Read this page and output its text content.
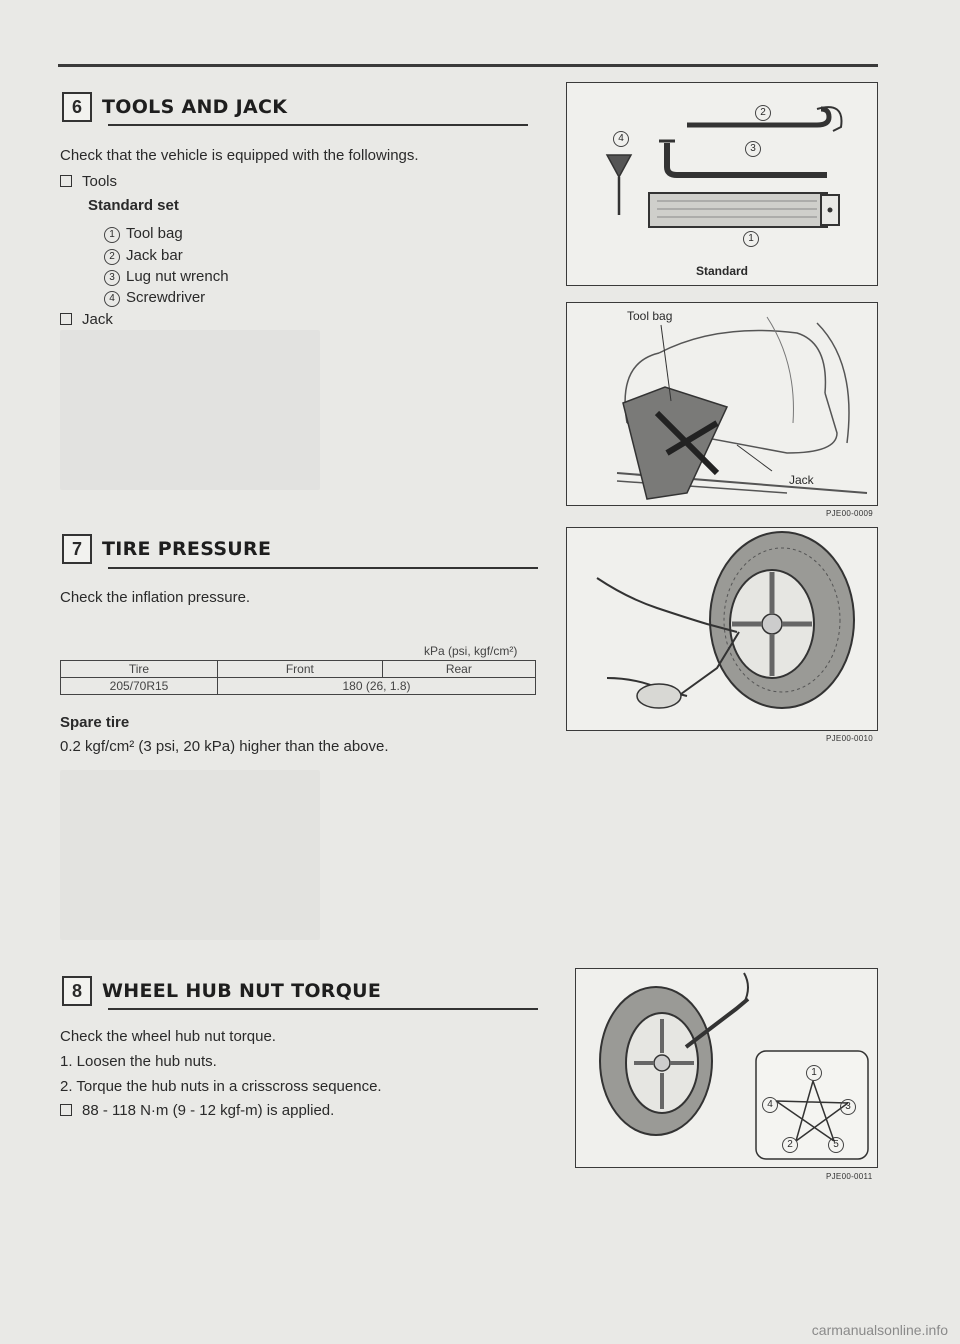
6	TOOLS AND JACK
Check that the vehicle is equipped with the followings.
Tools
Standard set
1 Tool bag
2 Jack bar
3 Lug nut wrench
4 Screwdriver
Jack
2
3
4
1
Standard
Tool bag
Jack
PJE00-0009
7	TIRE PRESSURE
Check the inflation pressure.
kPa (psi, kgf/cm²)
Tire	Front	Rear
205/70R15	180 (26, 1.8)	
Spare tire
0.2 kgf/cm² (3 psi, 20 kPa) higher than the above.	PJE00-0010
8	WHEEL HUB NUT TORQUE
Check the wheel hub nut torque.
1. Loosen the hub nuts.
2. Torque the hub nuts in a crisscross sequence.
88 - 118 N·m (9 - 12 kgf-m) is applied.
1
2
3
4
5
PJE00-0011
carmanualsonline.info
